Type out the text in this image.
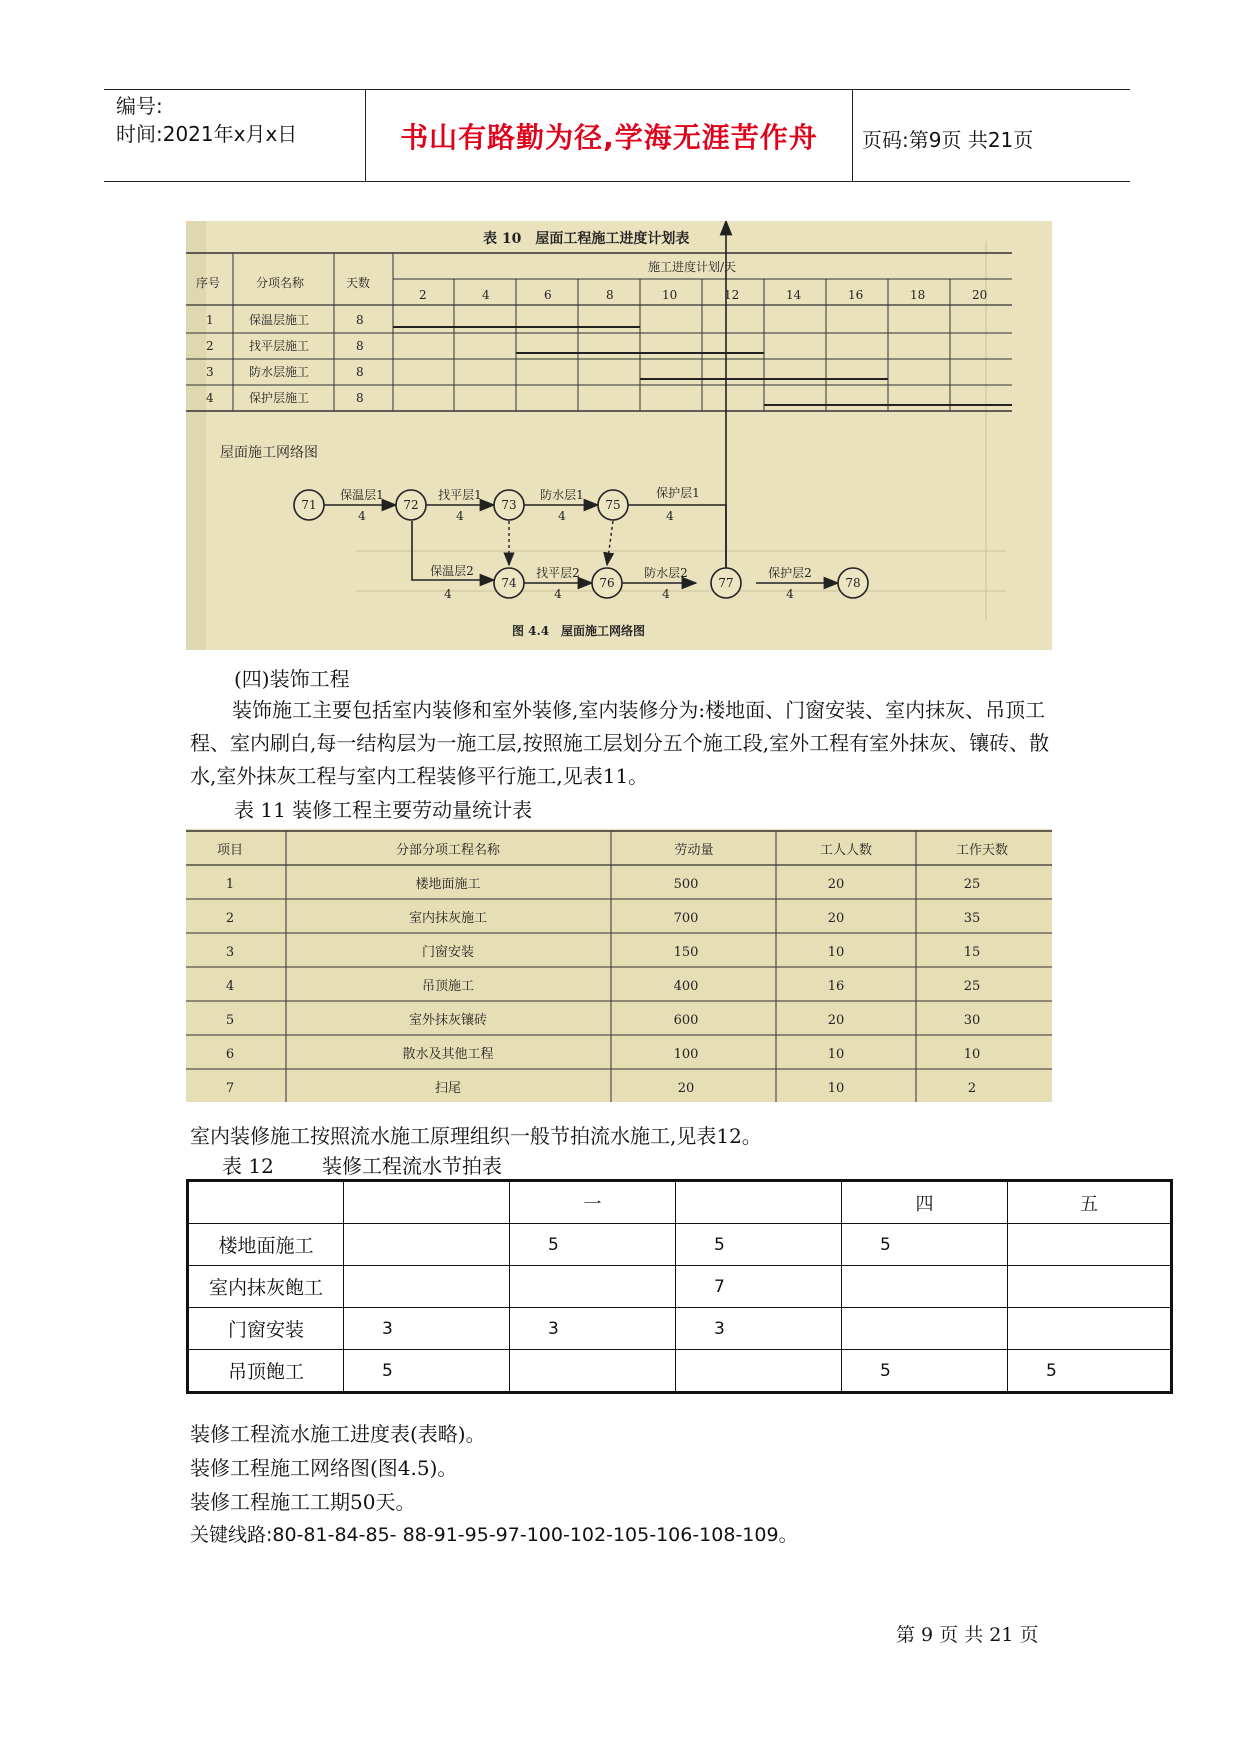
编号:
时间:2021年x月x日	书山有路勤为径,学海无涯苦作舟	页码:第9页 共21页
表 10　屋面工程施工进度计划表
序号	分项名称	天数
施工进度计划/天
2	4	6	8	10	12	14	16	18	20
1	保温层施工	8
2	找平层施工	8
3	防水层施工	8
4	保护层施工	8
屋面施工网络图
71	72	73	75
74	76	77	78
保温层1
4
找平层1
4
防水层1
4
保护层1
4
保温层2
4
找平层2
4
防水层2
4
保护层2
4
图 4.4　屋面施工网络图
(四)装饰工程
装饰施工主要包括室内装修和室外装修,室内装修分为:楼地面、门窗安装、室内抹灰、吊顶工程、室内刷白,每一结构层为一施工层,按照施工层划分五个施工段,室外工程有室外抹灰、镶砖、散水,室外抹灰工程与室内工程装修平行施工,见表11。
表 11 装修工程主要劳动量统计表
项目	分部分项工程名称	劳动量	工人人数	工作天数
1	楼地面施工	500	20	25
2	室内抹灰施工	700	20	35
3	门窗安装	150	10	15
4	吊顶施工	400	16	25
5	室外抹灰镶砖	600	20	30
6	散水及其他工程	100	10	10
7	扫尾	20	10	2
室内装修施工按照流水施工原理组织一般节拍流水施工,见表12。
表 12 装修工程流水节拍表
		一		四	五
楼地面施工		5	5	5	
室内抹灰飽工			7		
门窗安装	3	3	3		
吊顶飽工	5			5	5
装修工程流水施工进度表(表略)。
装修工程施工网络图(图4.5)。
装修工程施工工期50天。
关键线路:80-81-84-85- 88-91-95-97-100-102-105-106-108-109。
第 9 页 共 21 页
